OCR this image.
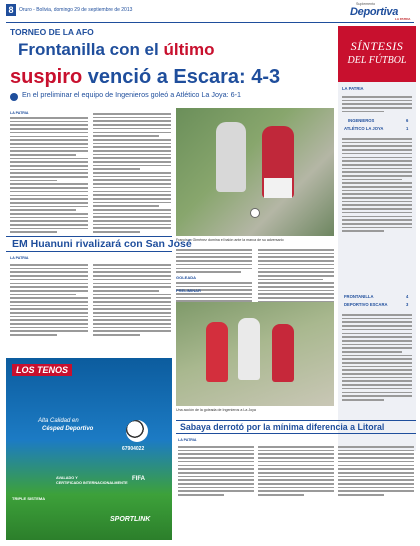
8	Oruro - Bolivia, domingo 29 de septiembre de 2013
Suplemento
Deportiva
LA PATRIA
TORNEO DE LA AFO
Frontanilla con el último
suspiro venció a Escara: 4-3
En el preliminar el equipo de Ingenieros goleó a Atlético La Joya: 6-1
LA PATRIA
Francisco Giménez domina el balón ante la marca de su adversario
GOLEADA
SÍNTESIS
DEL FÚTBOL
LA PATRIA
INGENIEROS	6
ATLÉTICO LA JOYA	1
FRONTANILLA	4
DEPORTIVO ESCARA	3
EM Huanuni rivalizará con San José
LA PATRIA
Una acción de la goleada de Ingenieros a La Joya
PRELIMINAR
LOS TENOS
Alta Calidad en
Césped Deportivo
67904022
AVALADO Y
CERTIFICADO INTERNACIONALMENTE
FIFA
TRIPLE SISTEMA
SPORTLINK
Sabaya derrotó por la mínima diferencia a Litoral
LA PATRIA
